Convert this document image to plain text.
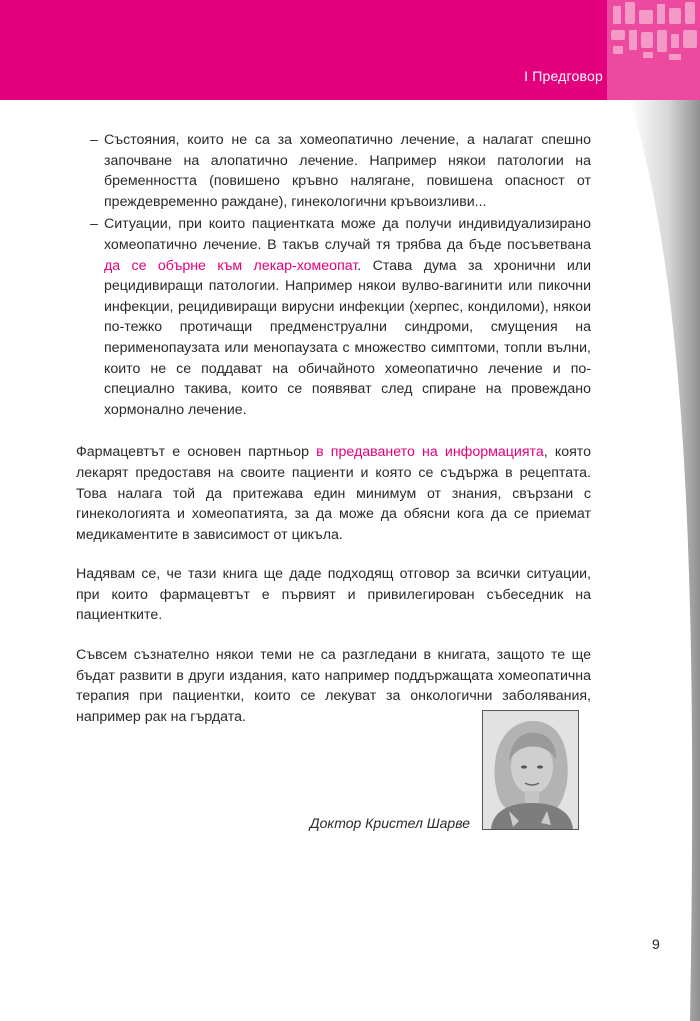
I Предговор
– Състояния, които не са за хомеопатично лечение, а налагат спешно започване на алопатично лечение. Например някои патологии на бременността (повишено кръвно налягане, повишена опасност от преждевременно раждане), гинекологични кръвоизливи...
– Ситуации, при които пациентката може да получи индивидуализирано хомеопатично лечение. В такъв случай тя трябва да бъде посъветвана да се обърне към лекар-хомеопат. Става дума за хронични или рецидивиращи патологии. Например някои вулво-вагинити или пикочни инфекции, рецидивиращи вирусни инфекции (херпес, кондиломи), някои по-тежко протичащи предменструални синдроми, смущения на перименопаузата или менопаузата с множество симптоми, топли вълни, които не се поддават на обичайното хомеопатично лечение и по-специално такива, които се появяват след спиране на провеждано хормонално лечение.

Фармацевтът е основен партньор в предаването на информацията, която лекарят предоставя на своите пациенти и която се съдържа в рецептата. Това налага той да притежава един минимум от знания, свързани с гинекологията и хомеопатията, за да може да обясни кога да се приемат медикаментите в зависимост от цикъла.

Надявам се, че тази книга ще даде подходящ отговор за всички ситуации, при които фармацевтът е първият и привилегирован събеседник на пациентките.

Съвсем съзнателно някои теми не са разгледани в книгата, защото те ще бъдат развити в други издания, като например поддържащата хомеопатична терапия при пациентки, които се лекуват за онкологични заболявания, например рак на гърдата.

Доктор Кристел Шарве
9
